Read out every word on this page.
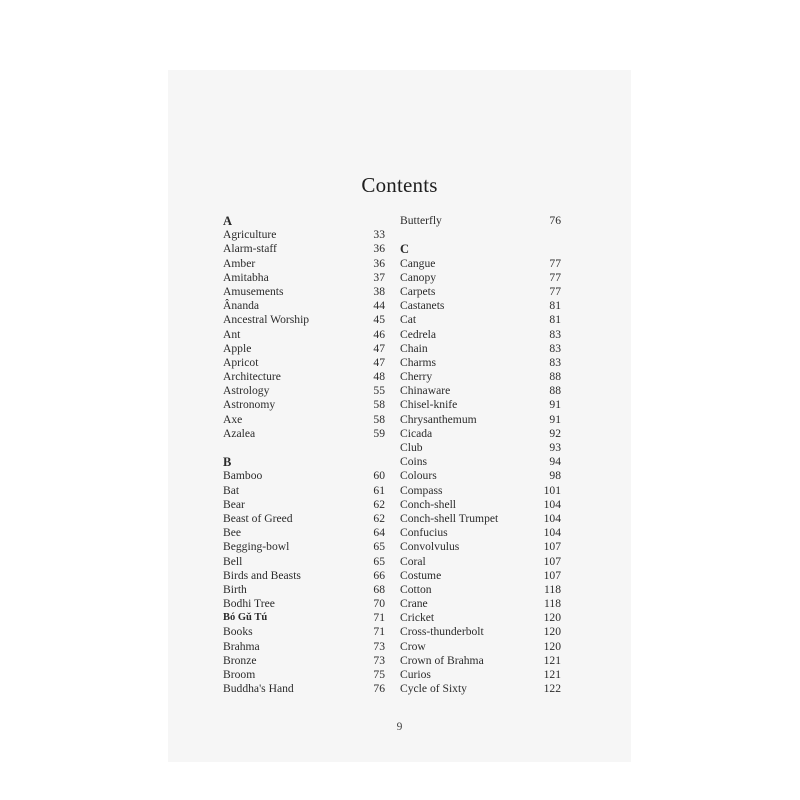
Contents
A
Agriculture	33
Alarm-staff	36
Amber	36
Amitabha	37
Amusements	38
Ânanda	44
Ancestral Worship	45
Ant	46
Apple	47
Apricot	47
Architecture	48
Astrology	55
Astronomy	58
Axe	58
Azalea	59
B
Bamboo	60
Bat	61
Bear	62
Beast of Greed	62
Bee	64
Begging-bowl	65
Bell	65
Birds and Beasts	66
Birth	68
Bodhi Tree	70
Bó Gǔ Tú	71
Books	71
Brahma	73
Bronze	73
Broom	75
Buddha's Hand	76
Butterfly	76
C
Cangue	77
Canopy	77
Carpets	77
Castanets	81
Cat	81
Cedrela	83
Chain	83
Charms	83
Cherry	88
Chinaware	88
Chisel-knife	91
Chrysanthemum	91
Cicada	92
Club	93
Coins	94
Colours	98
Compass	101
Conch-shell	104
Conch-shell Trumpet	104
Confucius	104
Convolvulus	107
Coral	107
Costume	107
Cotton	118
Crane	118
Cricket	120
Cross-thunderbolt	120
Crow	120
Crown of Brahma	121
Curios	121
Cycle of Sixty	122
9
